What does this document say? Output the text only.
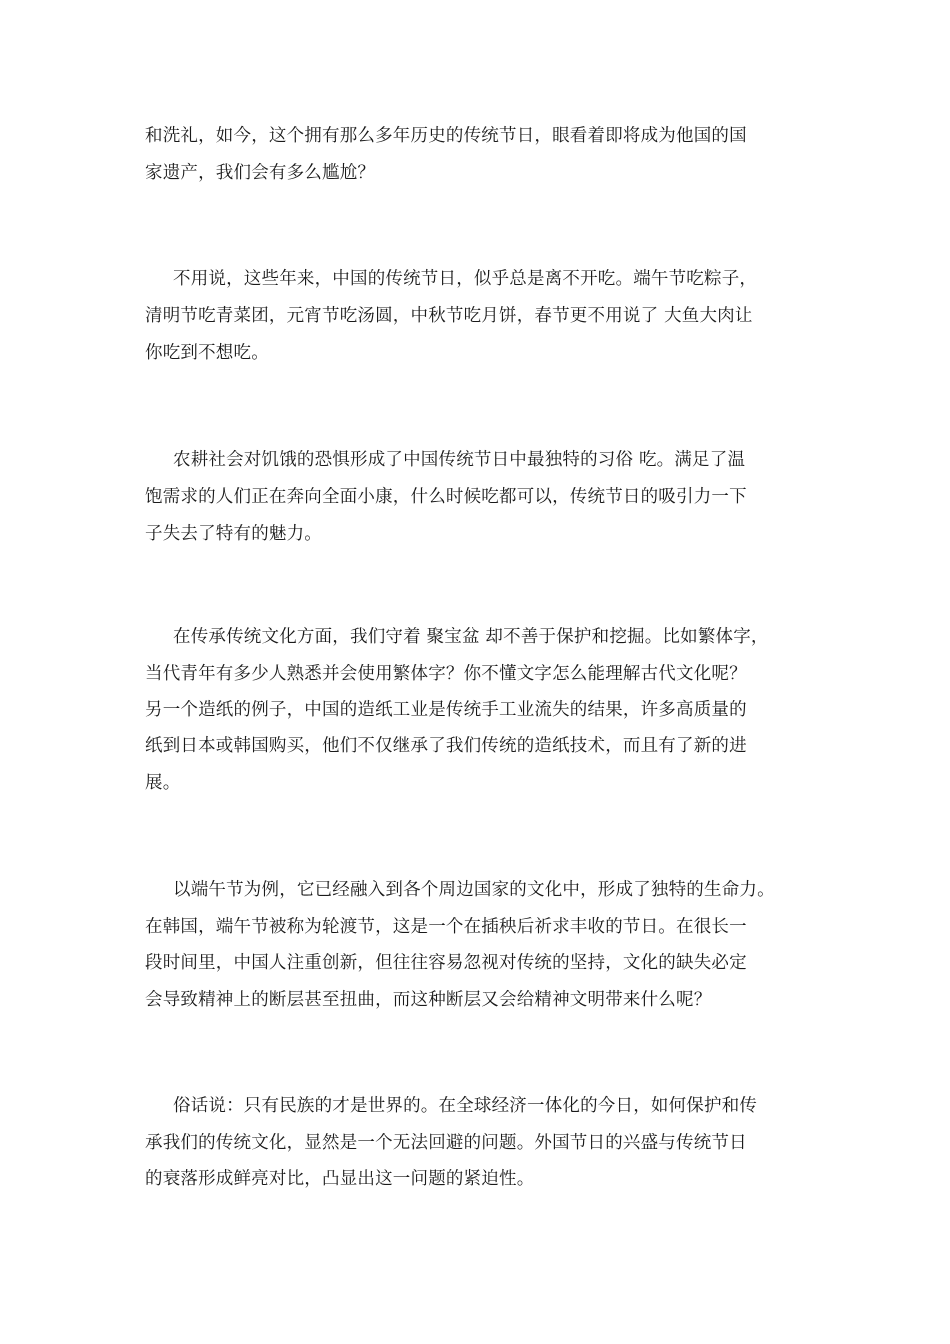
和洗礼，如今，这个拥有那么多年历史的传统节日，眼看着即将成为他国的国
家遗产，我们会有多么尴尬？
不用说，这些年来，中国的传统节日，似乎总是离不开吃。端午节吃粽子，
清明节吃青菜团，元宵节吃汤圆，中秋节吃月饼，春节更不用说了 大鱼大肉让
你吃到不想吃。
农耕社会对饥饿的恐惧形成了中国传统节日中最独特的习俗 吃。满足了温
饱需求的人们正在奔向全面小康，什么时候吃都可以，传统节日的吸引力一下
子失去了特有的魅力。
在传承传统文化方面，我们守着 聚宝盆 却不善于保护和挖掘。比如繁体字，
当代青年有多少人熟悉并会使用繁体字？你不懂文字怎么能理解古代文化呢？
另一个造纸的例子，中国的造纸工业是传统手工业流失的结果，许多高质量的
纸到日本或韩国购买，他们不仅继承了我们传统的造纸技术，而且有了新的进
展。
以端午节为例，它已经融入到各个周边国家的文化中，形成了独特的生命力。
在韩国，端午节被称为轮渡节，这是一个在插秧后祈求丰收的节日。在很长一
段时间里，中国人注重创新，但往往容易忽视对传统的坚持，文化的缺失必定
会导致精神上的断层甚至扭曲，而这种断层又会给精神文明带来什么呢？
俗话说：只有民族的才是世界的。在全球经济一体化的今日，如何保护和传
承我们的传统文化，显然是一个无法回避的问题。外国节日的兴盛与传统节日
的衰落形成鲜亮对比，凸显出这一问题的紧迫性。
